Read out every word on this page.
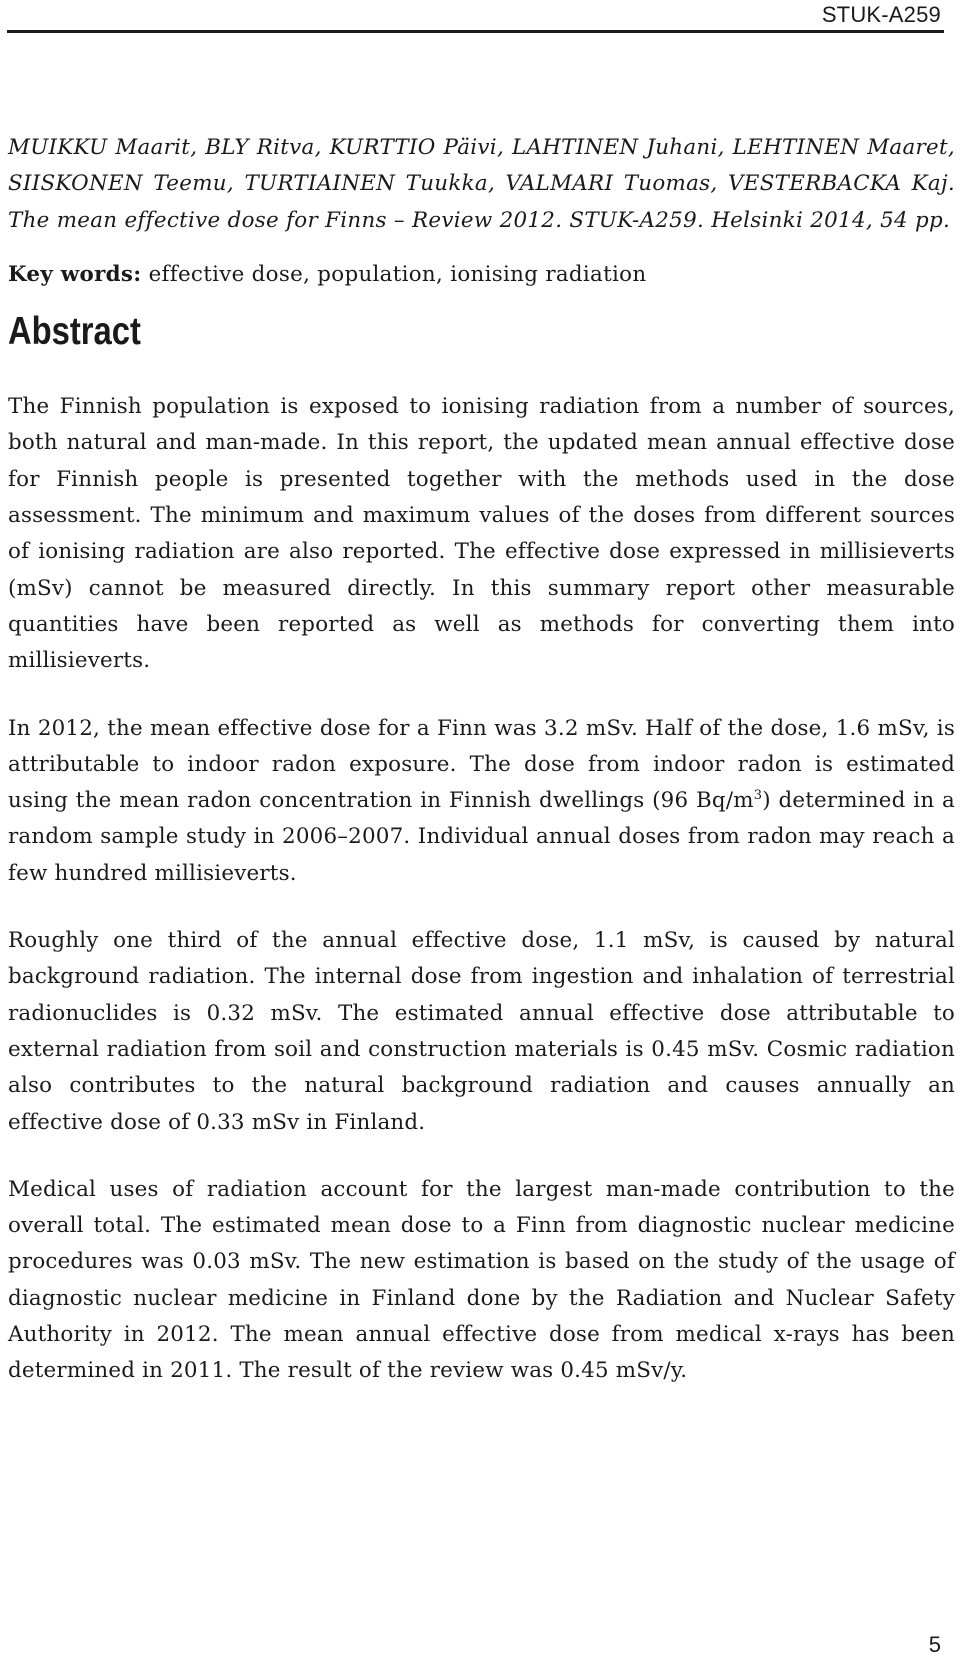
STUK-A259

MUIKKU Maarit, BLY Ritva, KURTTIO Päivi, LAHTINEN Juhani, LEHTINEN Maaret, SIISKONEN Teemu, TURTIAINEN Tuukka, VALMARI Tuomas, VESTERBACKA Kaj. The mean effective dose for Finns – Review 2012. STUK-A259. Helsinki 2014, 54 pp.

Key words: effective dose, population, ionising radiation

Abstract

The Finnish population is exposed to ionising radiation from a number of sources, both natural and man-made. In this report, the updated mean annual effective dose for Finnish people is presented together with the methods used in the dose assessment. The minimum and maximum values of the doses from different sources of ionising radiation are also reported. The effective dose expressed in millisieverts (mSv) cannot be measured directly. In this summary report other measurable quantities have been reported as well as methods for converting them into millisieverts.

In 2012, the mean effective dose for a Finn was 3.2 mSv. Half of the dose, 1.6 mSv, is attributable to indoor radon exposure. The dose from indoor radon is estimated using the mean radon concentration in Finnish dwellings (96 $Bq/m^3$) determined in a random sample study in 2006–2007. Individual annual doses from radon may reach a few hundred millisieverts.

Roughly one third of the annual effective dose, 1.1 mSv, is caused by natural background radiation. The internal dose from ingestion and inhalation of terrestrial radionuclides is 0.32 mSv. The estimated annual effective dose attributable to external radiation from soil and construction materials is 0.45 mSv. Cosmic radiation also contributes to the natural background radiation and causes annually an effective dose of 0.33 mSv in Finland.

Medical uses of radiation account for the largest man-made contribution to the overall total. The estimated mean dose to a Finn from diagnostic nuclear medicine procedures was 0.03 mSv. The new estimation is based on the study of the usage of diagnostic nuclear medicine in Finland done by the Radiation and Nuclear Safety Authority in 2012. The mean annual effective dose from medical x-rays has been determined in 2011. The result of the review was 0.45 mSv/y.

5
